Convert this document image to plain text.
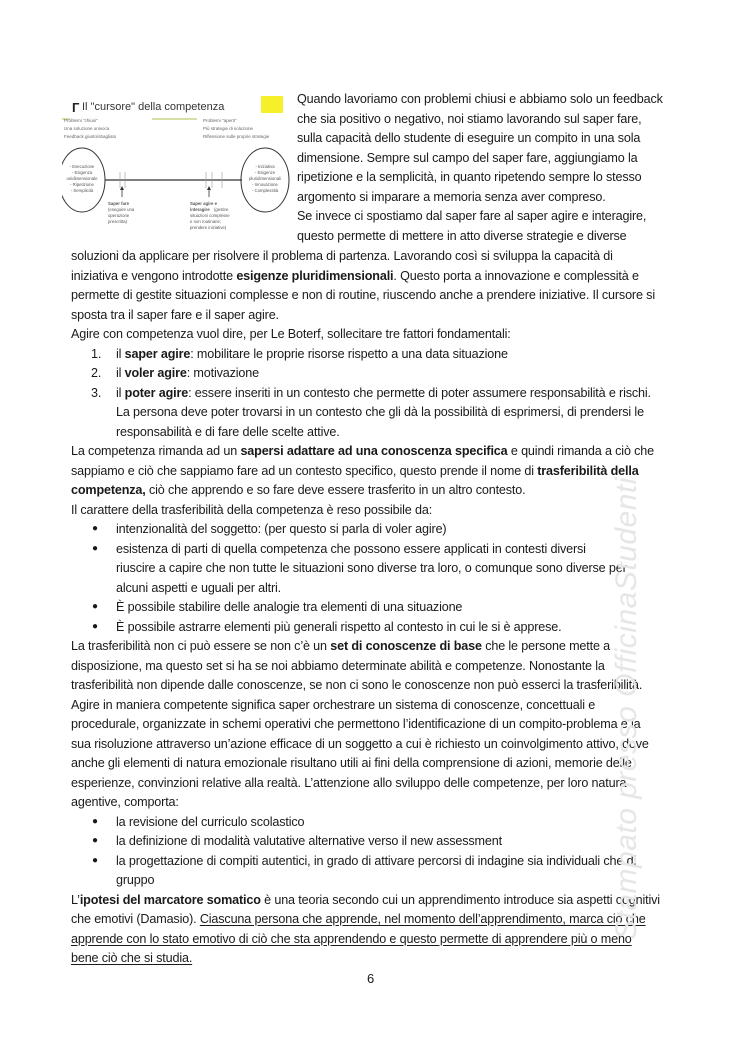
Г Il "cursore" della competenza
Problemi "chiusi"
Una soluzione univoca
Feedback giusto/sbagliato
Problemi "aperti"
Più strategie di soluzione
Riflessione sulle proprie strategie
- Esecuzione
- Esigenza
unidimensionale
- Ripetizione
- Semplicità
- Iniziativa
- Esigenze
pluridimensionali
- Innovazione
- Complessità
Saper fare
(eseguire una
operazione
prescritta)
Saper agire e
interagire (gestire
situazioni complesse
e non routinarie;
prendere iniziative)
Quando lavoriamo con problemi chiusi e abbiamo solo un feedback
che sia positivo o negativo, noi stiamo lavorando sul saper fare,
sulla capacità dello studente di eseguire un compito in una sola
dimensione. Sempre sul campo del saper fare, aggiungiamo la
ripetizione e la semplicità, in quanto ripetendo sempre lo stesso
argomento si imparare a memoria senza aver compreso.
Se invece ci spostiamo dal saper fare al saper agire e interagire,
questo permette di mettere in atto diverse strategie e diverse
soluzioni da applicare per risolvere il problema di partenza. Lavorando così si sviluppa la capacità di
iniziativa e vengono introdotte esigenze pluridimensionali. Questo porta a innovazione e complessità e
permette di gestite situazioni complesse e non di routine, riuscendo anche a prendere iniziative. Il cursore si
sposta tra il saper fare e il saper agire.
Agire con competenza vuol dire, per Le Boterf, sollecitare tre fattori fondamentali:
il saper agire: mobilitare le proprie risorse rispetto a una data situazione
1.
il voler agire: motivazione
2.
il poter agire: essere inseriti in un contesto che permette di poter assumere responsabilità e rischi.
3.
La persona deve poter trovarsi in un contesto che gli dà la possibilità di esprimersi, di prendersi le
responsabilità e di fare delle scelte attive.
La competenza rimanda ad un sapersi adattare ad una conoscenza specifica e quindi rimanda a ciò che
sappiamo e ciò che sappiamo fare ad un contesto specifico, questo prende il nome di trasferibilità della
competenza, ciò che apprendo e so fare deve essere trasferito in un altro contesto.
Il carattere della trasferibilità della competenza è reso possibile da:
intenzionalità del soggetto: (per questo si parla di voler agire)
●
esistenza di parti di quella competenza che possono essere applicati in contesti diversi
●
riuscire a capire che non tutte le situazioni sono diverse tra loro, o comunque sono diverse per
alcuni aspetti e uguali per altri.
È possibile stabilire delle analogie tra elementi di una situazione
●
È possibile astrarre elementi più generali rispetto al contesto in cui le si è apprese.
●
La trasferibilità non ci può essere se non c’è un set di conoscenze di base che le persone mette a
disposizione, ma questo set si ha se noi abbiamo determinate abilità e competenze. Nonostante la
trasferibilità non dipende dalle conoscenze, se non ci sono le conoscenze non può esserci la trasferibilità.
Agire in maniera competente significa saper orchestrare un sistema di conoscenze, concettuali e
procedurale, organizzate in schemi operativi che permettono l’identificazione di un compito-problema e la
sua risoluzione attraverso un’azione efficace di un soggetto a cui è richiesto un coinvolgimento attivo, dove
anche gli elementi di natura emozionale risultano utili ai fini della comprensione di azioni, memorie delle
esperienze, convinzioni relative alla realtà. L’attenzione allo sviluppo delle competenze, per loro natura
agentive, comporta:
la revisione del curriculo scolastico
●
la definizione di modalità valutative alternative verso il new assessment
●
la progettazione di compiti autentici, in grado di attivare percorsi di indagine sia individuali che di
●
gruppo
L’ipotesi del marcatore somatico è una teoria secondo cui un apprendimento introduce sia aspetti cognitivi
che emotivi (Damasio). Ciascuna persona che apprende, nel momento dell’apprendimento, marca ciò che
apprende con lo stato emotivo di ciò che sta apprendendo e questo permette di apprendere più o meno
bene ciò che si studia.
Stampato presso OfficinaStudenti
6
